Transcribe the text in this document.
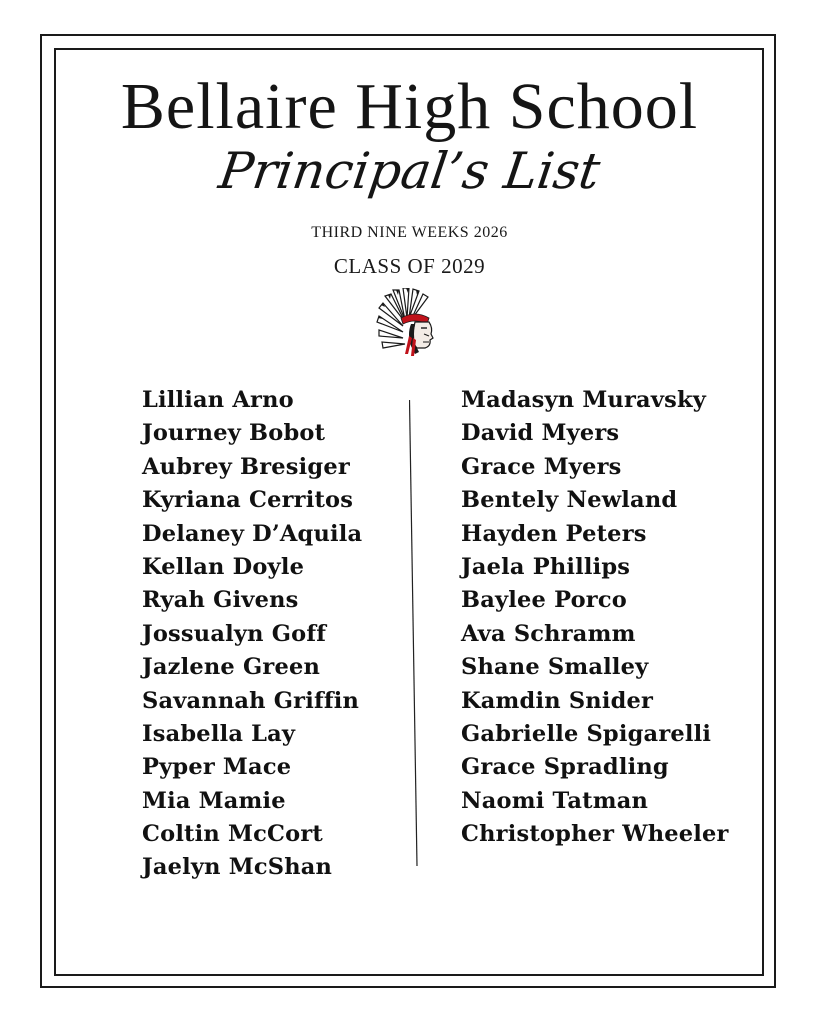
Bellaire High School
Principal’s List
THIRD NINE WEEKS 2026
CLASS OF 2029
Lillian Arno
Journey Bobot
Aubrey Bresiger
Kyriana Cerritos
Delaney D’Aquila
Kellan Doyle
Ryah Givens
Jossualyn Goff
Jazlene Green
Savannah Griffin
Isabella Lay
Pyper Mace
Mia Mamie
Coltin McCort
Jaelyn McShan
Madasyn Muravsky
David Myers
Grace Myers
Bentely Newland
Hayden Peters
Jaela Phillips
Baylee Porco
Ava Schramm
Shane Smalley
Kamdin Snider
Gabrielle Spigarelli
Grace Spradling
Naomi Tatman
Christopher Wheeler
